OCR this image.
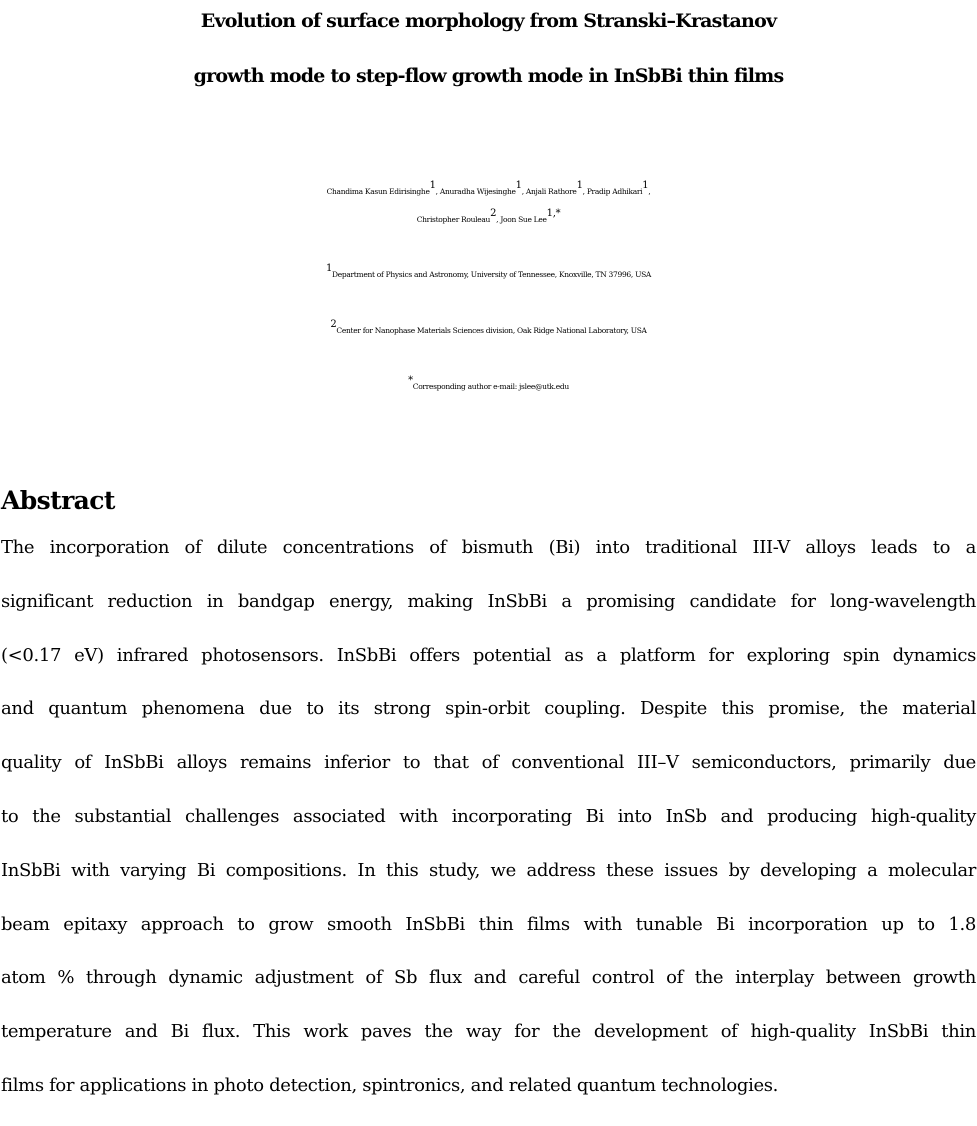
Evolution of surface morphology from Stranski–Krastanov
growth mode to step-flow growth mode in InSbBi thin films

Chandima Kasun Edirisinghe$^1$, Anuradha Wijesinghe$^1$, Anjali Rathore$^1$, Pradip Adhikari$^1$,
Christopher Rouleau$^2$, Joon Sue Lee$^{1,*}$

$^1$Department of Physics and Astronomy, University of Tennessee, Knoxville, TN 37996, USA

$^2$Center for Nanophase Materials Sciences division, Oak Ridge National Laboratory, USA

*Corresponding author e-mail: jslee@utk.edu

Abstract
The incorporation of dilute concentrations of bismuth (Bi) into traditional III-V alloys leads to a
significant reduction in bandgap energy, making InSbBi a promising candidate for long-wavelength
(<0.17 eV) infrared photosensors. InSbBi offers potential as a platform for exploring spin dynamics
and quantum phenomena due to its strong spin-orbit coupling. Despite this promise, the material
quality of InSbBi alloys remains inferior to that of conventional III–V semiconductors, primarily due
to the substantial challenges associated with incorporating Bi into InSb and producing high-quality
InSbBi with varying Bi compositions. In this study, we address these issues by developing a molecular
beam epitaxy approach to grow smooth InSbBi thin films with tunable Bi incorporation up to 1.8
atom % through dynamic adjustment of Sb flux and careful control of the interplay between growth
temperature and Bi flux. This work paves the way for the development of high-quality InSbBi thin
films for applications in photo detection, spintronics, and related quantum technologies.
